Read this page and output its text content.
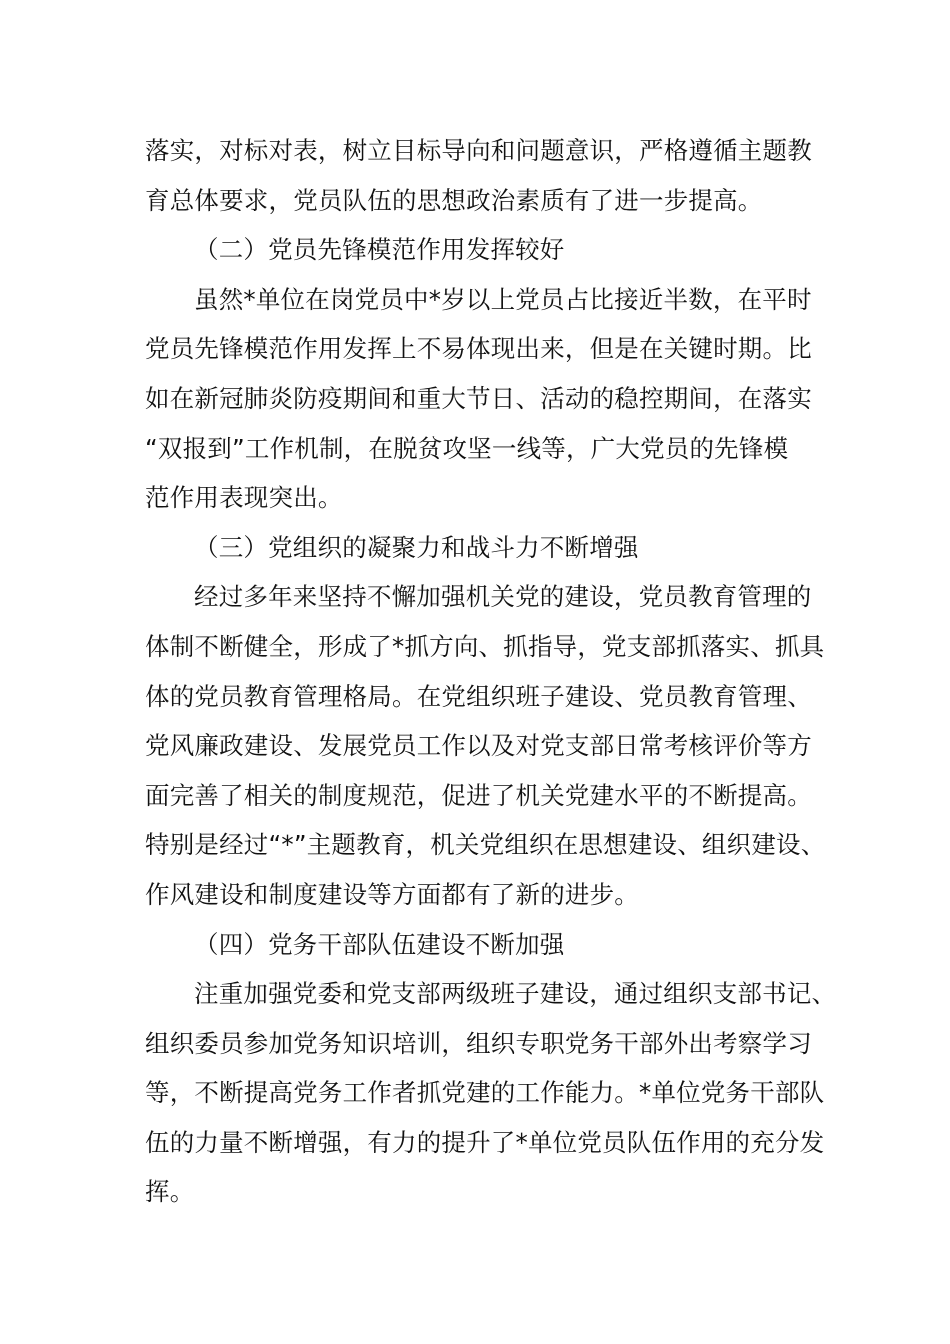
落实，对标对表，树立目标导向和问题意识，严格遵循主题教
育总体要求，党员队伍的思想政治素质有了进一步提高。
（二）党员先锋模范作用发挥较好
虽然*单位在岗党员中*岁以上党员占比接近半数，在平时
党员先锋模范作用发挥上不易体现出来，但是在关键时期。比
如在新冠肺炎防疫期间和重大节日、活动的稳控期间，在落实
“双报到”工作机制，在脱贫攻坚一线等，广大党员的先锋模
范作用表现突出。
（三）党组织的凝聚力和战斗力不断增强
经过多年来坚持不懈加强机关党的建设，党员教育管理的
体制不断健全，形成了*抓方向、抓指导，党支部抓落实、抓具
体的党员教育管理格局。在党组织班子建设、党员教育管理、
党风廉政建设、发展党员工作以及对党支部日常考核评价等方
面完善了相关的制度规范，促进了机关党建水平的不断提高。
特别是经过“*”主题教育，机关党组织在思想建设、组织建设、
作风建设和制度建设等方面都有了新的进步。
（四）党务干部队伍建设不断加强
注重加强党委和党支部两级班子建设，通过组织支部书记、
组织委员参加党务知识培训，组织专职党务干部外出考察学习
等，不断提高党务工作者抓党建的工作能力。*单位党务干部队
伍的力量不断增强，有力的提升了*单位党员队伍作用的充分发
挥。
